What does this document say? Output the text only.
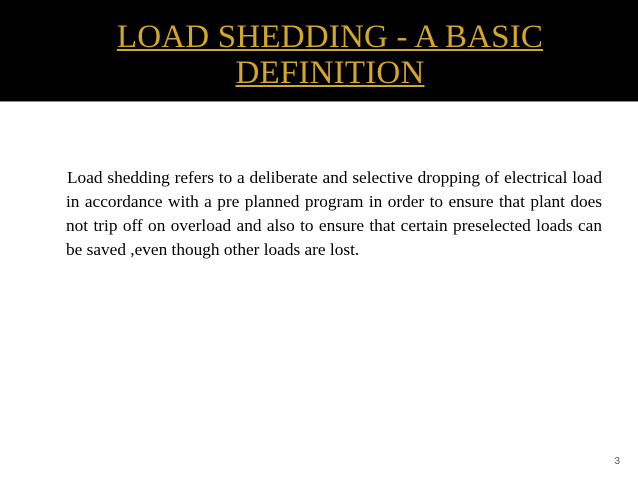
LOAD SHEDDING - A BASIC DEFINITION

Load shedding refers to a deliberate and selective dropping of electrical load in accordance with a pre planned program in order to ensure that plant does not trip off on overload and also to ensure that certain preselected loads can be saved ,even though other loads are lost.

3
